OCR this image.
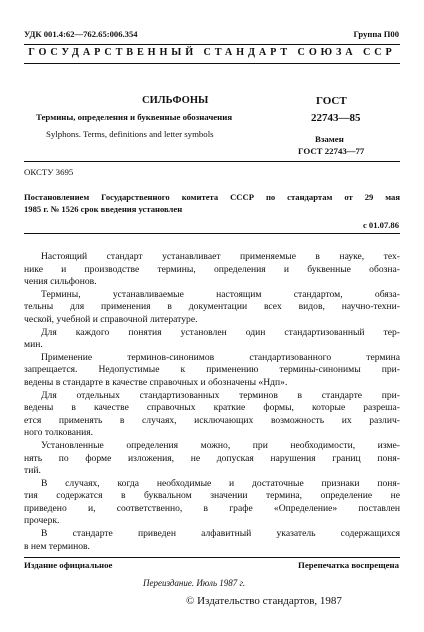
УДК 001.4:62—762.65:006.354	Группа П00
ГОСУДАРСТВЕННЫЙ СТАНДАРТ СОЮЗА ССР
СИЛЬФОНЫ
Термины, определения и буквенные обозначения
Sylphons. Terms, definitions and letter symbols
ГОСТ
22743—85
Взамен
ГОСТ 22743—77
ОКСТУ 3695
Постановлением Государственного комитета СССР по стандартам от 29 мая
1985 г. № 1526 срок введения установлен
с 01.07.86

Настоящий стандарт устанавливает применяемые в науке, тех-
нике и производстве термины, определения и буквенные обозна-
чения сильфонов.

Термины, устанавливаемые настоящим стандартом, обяза-
тельны для применения в документации всех видов, научно-техни-
ческой, учебной и справочной литературе.

Для каждого понятия установлен один стандартизованный тер-
мин.

Применение терминов-синонимов стандартизованного термина
запрещается. Недопустимые к применению термины-синонимы при-
ведены в стандарте в качестве справочных и обозначены «Ндп».

Для отдельных стандартизованных терминов в стандарте при-
ведены в качестве справочных краткие формы, которые разреша-
ется применять в случаях, исключающих возможность их различ-
ного толкования.

Установленные определения можно, при необходимости, изме-
нять по форме изложения, не допуская нарушения границ поня-
тий.

В случаях, когда необходимые и достаточные признаки поня-
тия содержатся в буквальном значении термина, определение не
приведено и, соответственно, в графе «Определение» поставлен
прочерк.

В стандарте приведен алфавитный указатель содержащихся
в нем терминов.

Издание официальное	Перепечатка воспрещена
Переиздание. Июль 1987 г.
© Издательство стандартов, 1987
